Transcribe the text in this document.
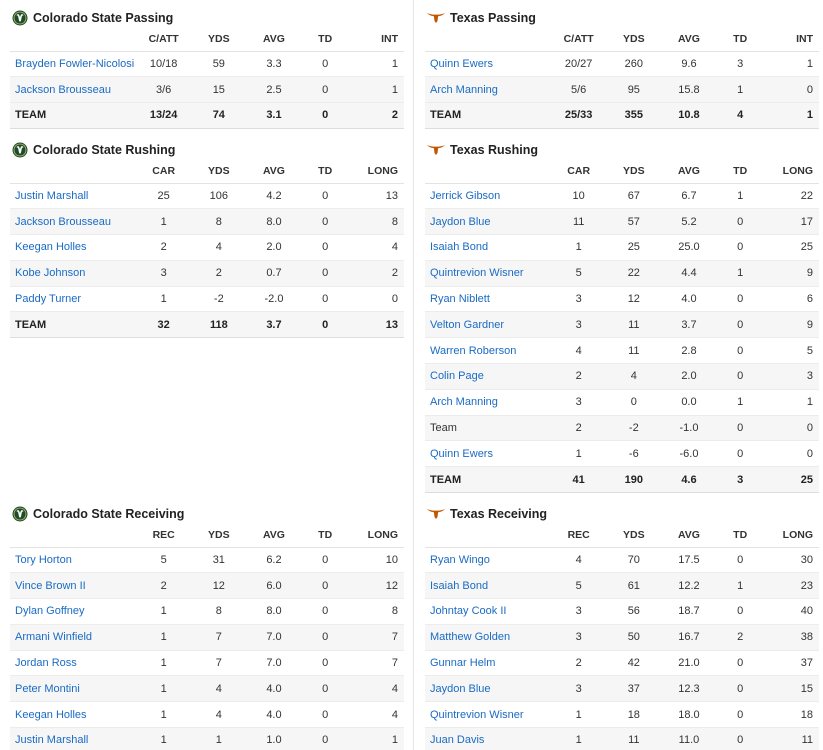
Colorado State Passing
	C/ATT	YDS	AVG	TD	INT
Brayden Fowler-Nicolosi	10/18	59	3.3	0	1
Jackson Brousseau	3/6	15	2.5	0	1
TEAM	13/24	74	3.1	0	2
Colorado State Rushing
	CAR	YDS	AVG	TD	LONG
Justin Marshall	25	106	4.2	0	13
Jackson Brousseau	1	8	8.0	0	8
Keegan Holles	2	4	2.0	0	4
Kobe Johnson	3	2	0.7	0	2
Paddy Turner	1	-2	-2.0	0	0
TEAM	32	118	3.7	0	13
Colorado State Receiving
	REC	YDS	AVG	TD	LONG
Tory Horton	5	31	6.2	0	10
Vince Brown II	2	12	6.0	0	12
Dylan Goffney	1	8	8.0	0	8
Armani Winfield	1	7	7.0	0	7
Jordan Ross	1	7	7.0	0	7
Peter Montini	1	4	4.0	0	4
Keegan Holles	1	4	4.0	0	4
Justin Marshall	1	1	1.0	0	1
Texas Passing
	C/ATT	YDS	AVG	TD	INT
Quinn Ewers	20/27	260	9.6	3	1
Arch Manning	5/6	95	15.8	1	0
TEAM	25/33	355	10.8	4	1
Texas Rushing
	CAR	YDS	AVG	TD	LONG
Jerrick Gibson	10	67	6.7	1	22
Jaydon Blue	11	57	5.2	0	17
Isaiah Bond	1	25	25.0	0	25
Quintrevion Wisner	5	22	4.4	1	9
Ryan Niblett	3	12	4.0	0	6
Velton Gardner	3	11	3.7	0	9
Warren Roberson	4	11	2.8	0	5
Colin Page	2	4	2.0	0	3
Arch Manning	3	0	0.0	1	1
Team	2	-2	-1.0	0	0
Quinn Ewers	1	-6	-6.0	0	0
TEAM	41	190	4.6	3	25
Texas Receiving
	REC	YDS	AVG	TD	LONG
Ryan Wingo	4	70	17.5	0	30
Isaiah Bond	5	61	12.2	1	23
Johntay Cook II	3	56	18.7	0	40
Matthew Golden	3	50	16.7	2	38
Gunnar Helm	2	42	21.0	0	37
Jaydon Blue	3	37	12.3	0	15
Quintrevion Wisner	1	18	18.0	0	18
Juan Davis	1	11	11.0	0	11
